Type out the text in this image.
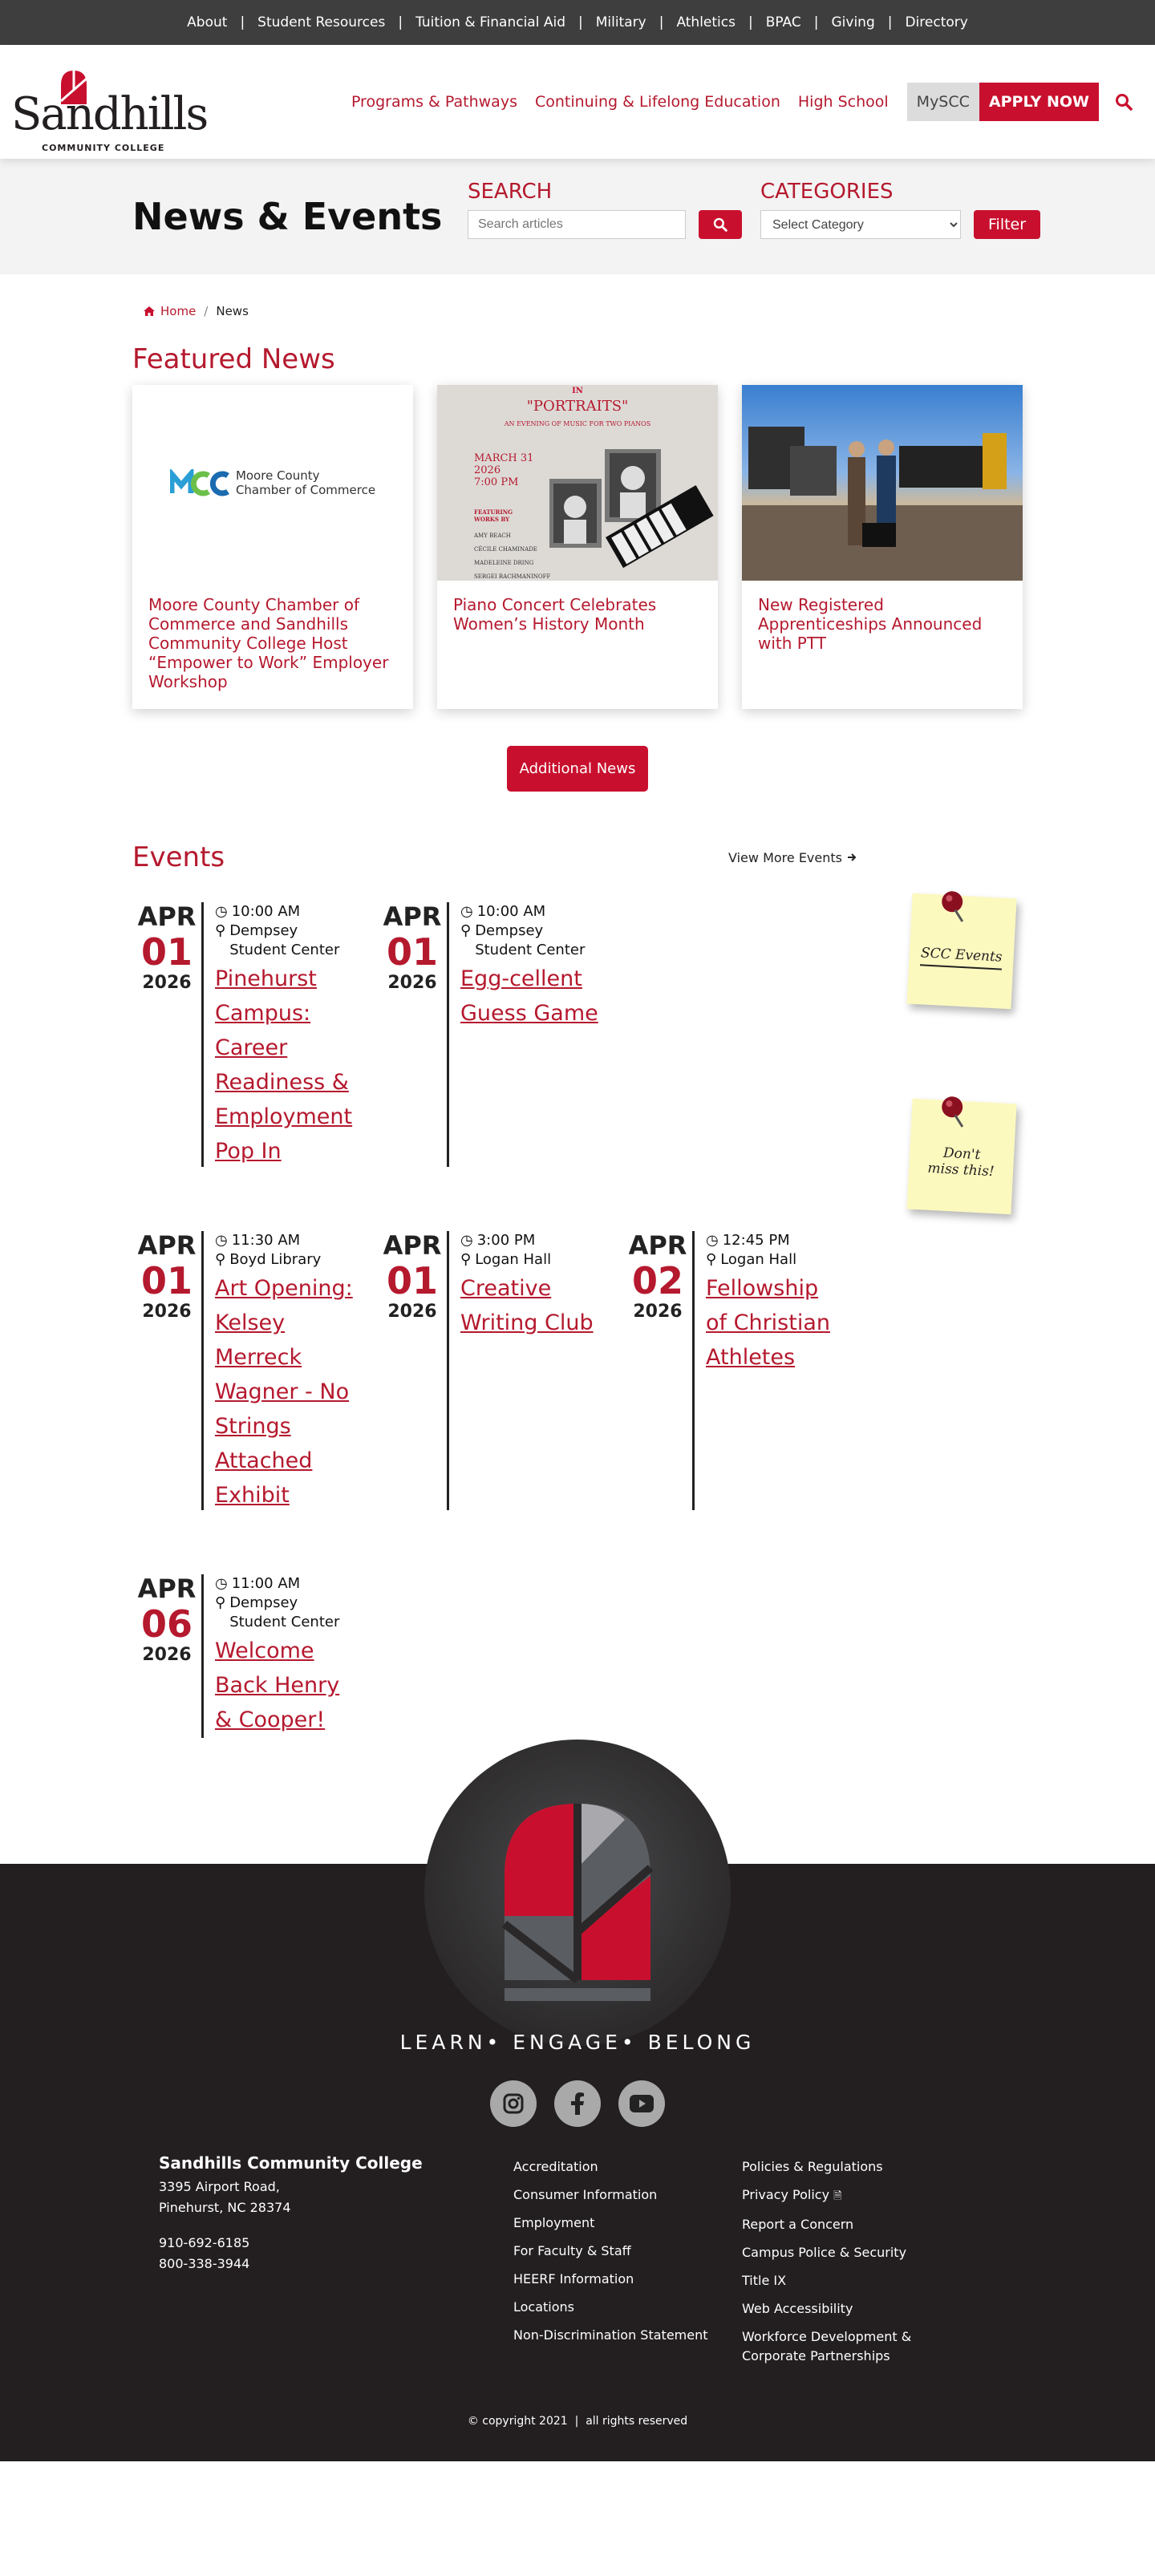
About | Student Resources | Tuition & Financial Aid | Military | Athletics | BPAC | Giving | Directory
Sandhills
COMMUNITY COLLEGE
Programs & Pathways Continuing & Lifelong Education High School	MySCC	APPLY NOW
News & Events
SEARCH
Search articles	CATEGORIES
Select Category
Filter
Home / News
Featured News
Moore County
Chamber of Commerce
Moore County Chamber of Commerce and Sandhills Community College Host “Empower to Work” Employer Workshop
IN
"PORTRAITS"
AN EVENING OF MUSIC FOR TWO PIANOS
MARCH 31
2026
7:00 PM
FEATURING WORKS BY
AMY BEACH
CÉCILE CHAMINADE
MADELEINE DRING
SERGEI RACHMANINOFF
Piano Concert Celebrates Women’s History Month
New Registered Apprenticeships Announced with PTT
Additional News
Events	View More Events
APR
01
2026
◷ 10:00 AM
⚲ Dempsey Student Center
Pinehurst Campus: Career Readiness & Employment Pop In
APR
01
2026
◷ 10:00 AM
⚲ Dempsey Student Center
Egg-cellent Guess Game
SCC Events
Don't miss this!
APR
01
2026
◷ 11:30 AM
⚲ Boyd Library
Art Opening: Kelsey Merreck Wagner - No Strings Attached Exhibit
APR
01
2026
◷ 3:00 PM
⚲ Logan Hall
Creative Writing Club
APR
02
2026
◷ 12:45 PM
⚲ Logan Hall
Fellowship of Christian Athletes
APR
06
2026
◷ 11:00 AM
⚲ Dempsey Student Center
Welcome Back Henry & Cooper!
LEARN• ENGAGE• BELONG
Sandhills Community College
3395 Airport Road,
Pinehurst, NC 28374
910-692-6185
800-338-3944
Accreditation
Consumer Information
Employment
For Faculty & Staff
HEERF Information
Locations
Non-Discrimination Statement
Policies & Regulations
Privacy Policy 🗎
Report a Concern
Campus Police & Security
Title IX
Web Accessibility
Workforce Development &
Corporate Partnerships
© copyright 2021  |  all rights reserved
